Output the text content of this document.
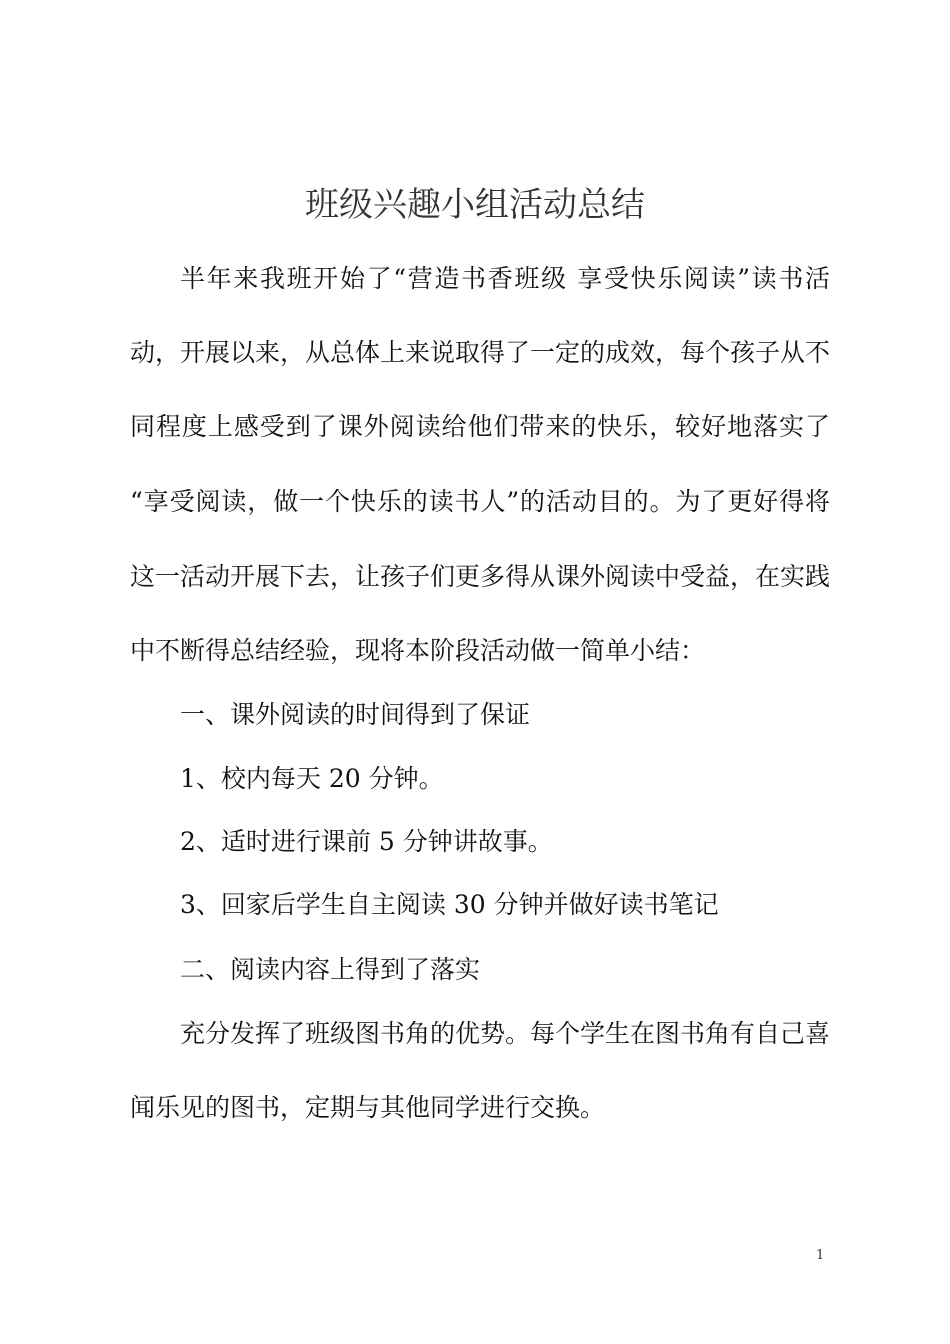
班级兴趣小组活动总结

半年来我班开始了“营造书香班级 享受快乐阅读”读书活

动，开展以来，从总体上来说取得了一定的成效，每个孩子从不

同程度上感受到了课外阅读给他们带来的快乐，较好地落实了

“享受阅读，做一个快乐的读书人”的活动目的。为了更好得将

这一活动开展下去，让孩子们更多得从课外阅读中受益，在实践

中不断得总结经验，现将本阶段活动做一简单小结：

一、课外阅读的时间得到了保证

1、校内每天 20 分钟。

2、适时进行课前 5 分钟讲故事。

3、回家后学生自主阅读 30 分钟并做好读书笔记

二、阅读内容上得到了落实

充分发挥了班级图书角的优势。每个学生在图书角有自己喜

闻乐见的图书，定期与其他同学进行交换。

1
